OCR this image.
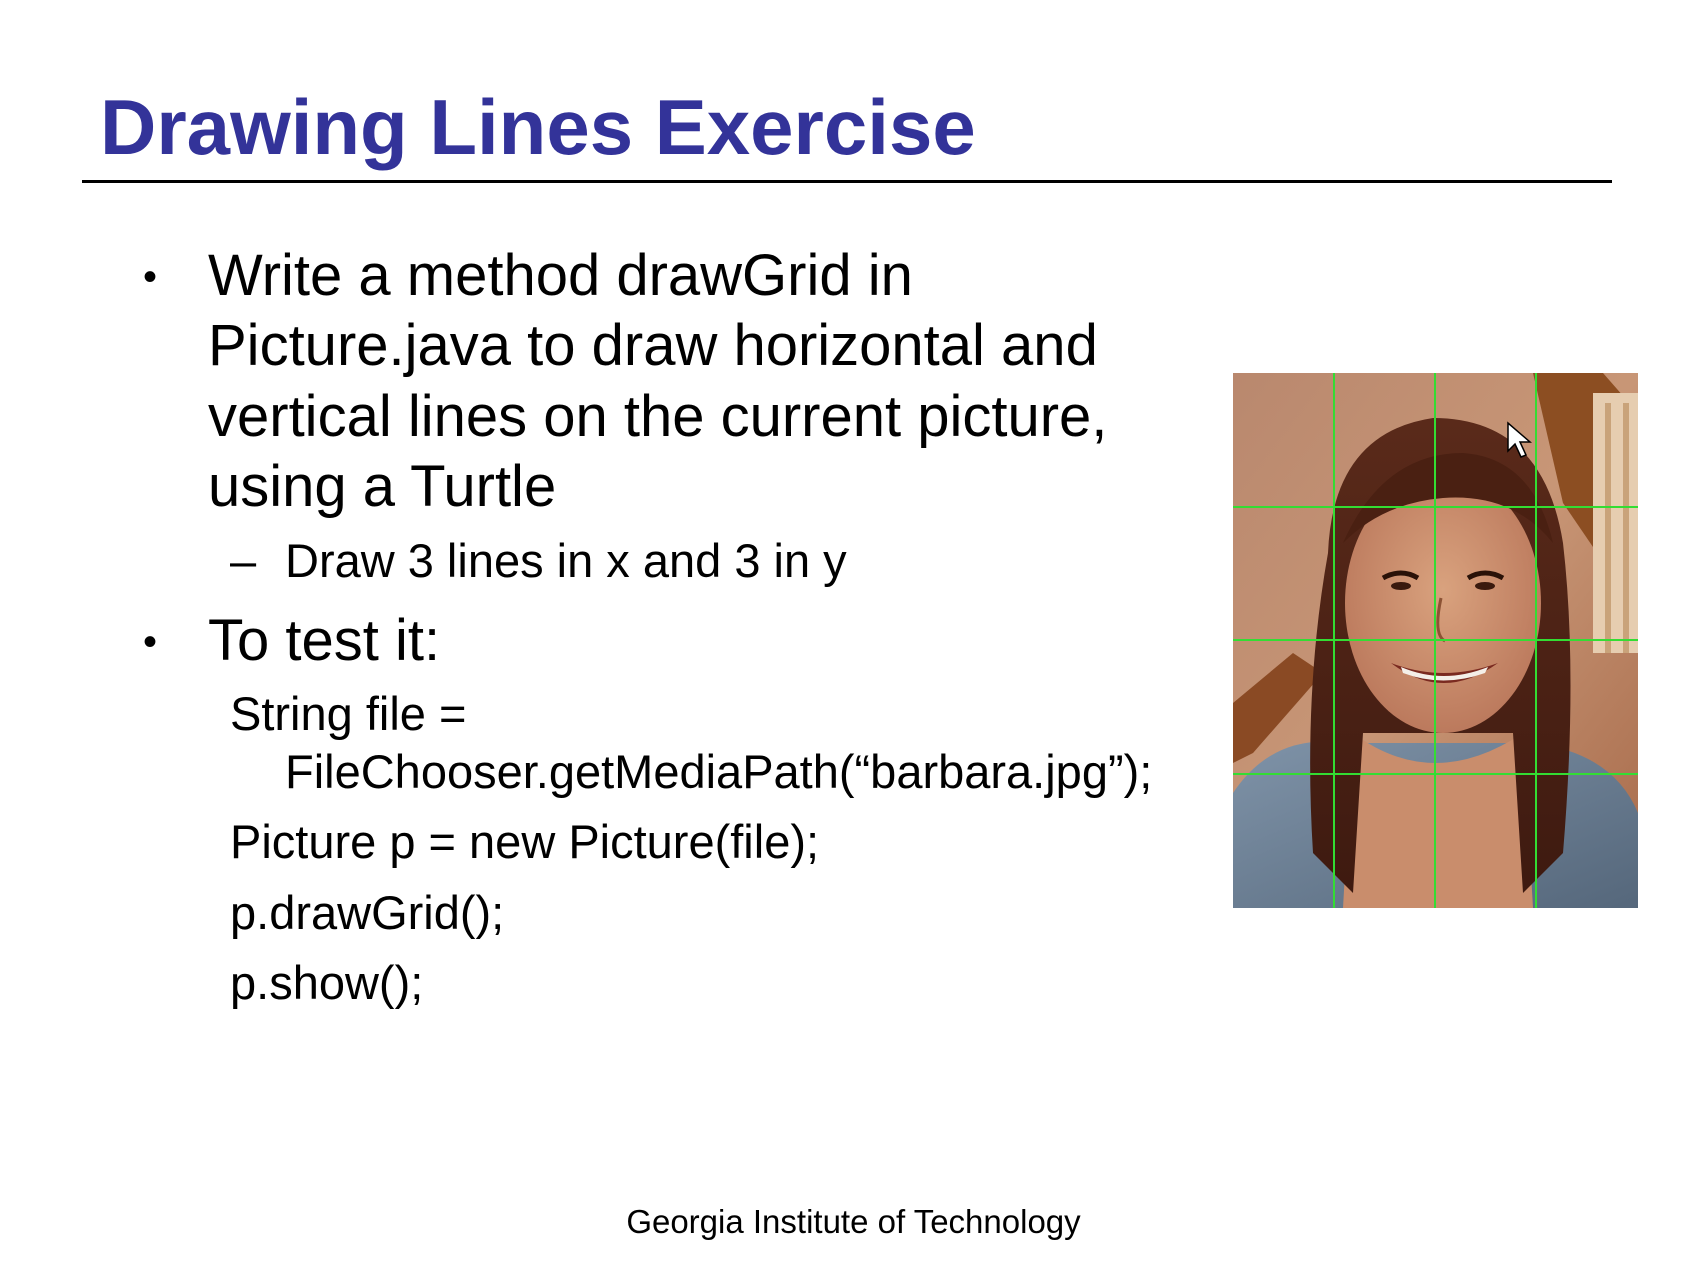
Drawing Lines Exercise
• Write a method drawGrid in
Picture.java to draw horizontal and
vertical lines on the current picture,
using a Turtle
– Draw 3 lines in x and 3 in y
• To test it:
String file =
FileChooser.getMediaPath(“barbara.jpg”);
Picture p = new Picture(file);
p.drawGrid();
p.show();
Georgia Institute of Technology
